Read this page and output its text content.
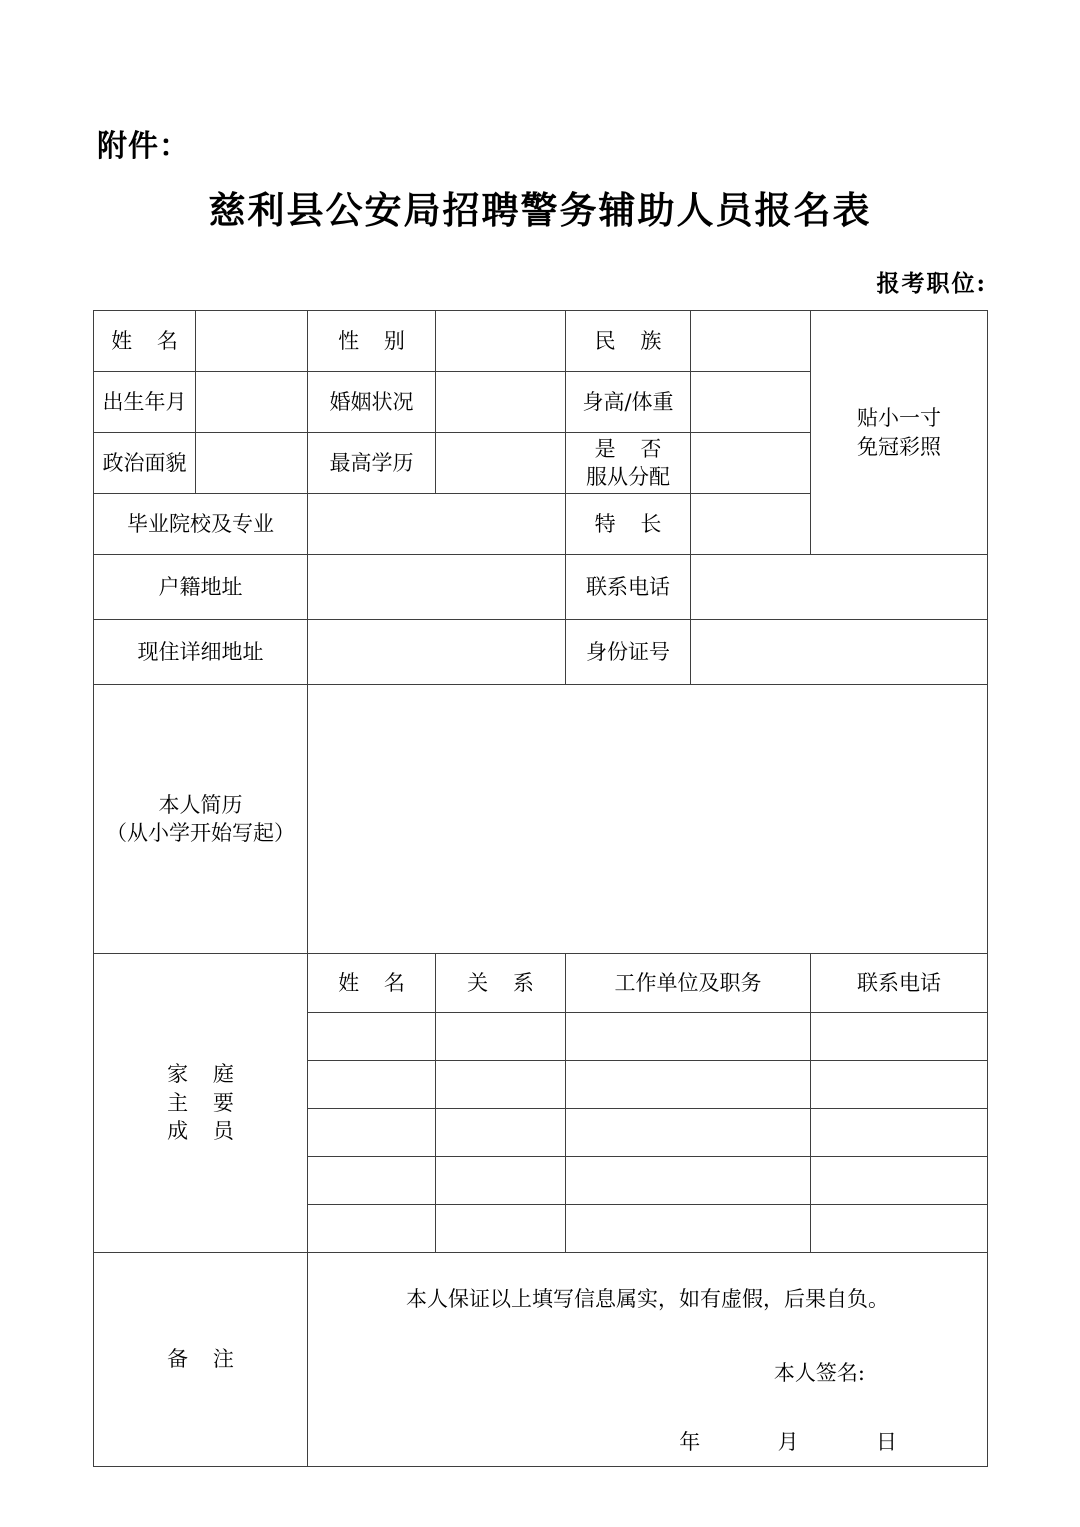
附件：
慈利县公安局招聘警务辅助人员报名表
报考职位:
姓 名		性 别		民 族		贴小一寸
免冠彩照

出生年月		婚姻状况		身高/体重		
政治面貌		最高学历		是 否
服从分配		

毕业院校及专业				特 长		
户籍地址				联系电话		
现住详细地址				身份证号		

本人简历
（从小学开始写起）						

家 庭
主 要
成 员		姓 名	关 系	工作单位及职务		联系电话

备 注		本人保证以上填写信息属实，如有虚假，后果自负。
本人签名:
年 月 日				
